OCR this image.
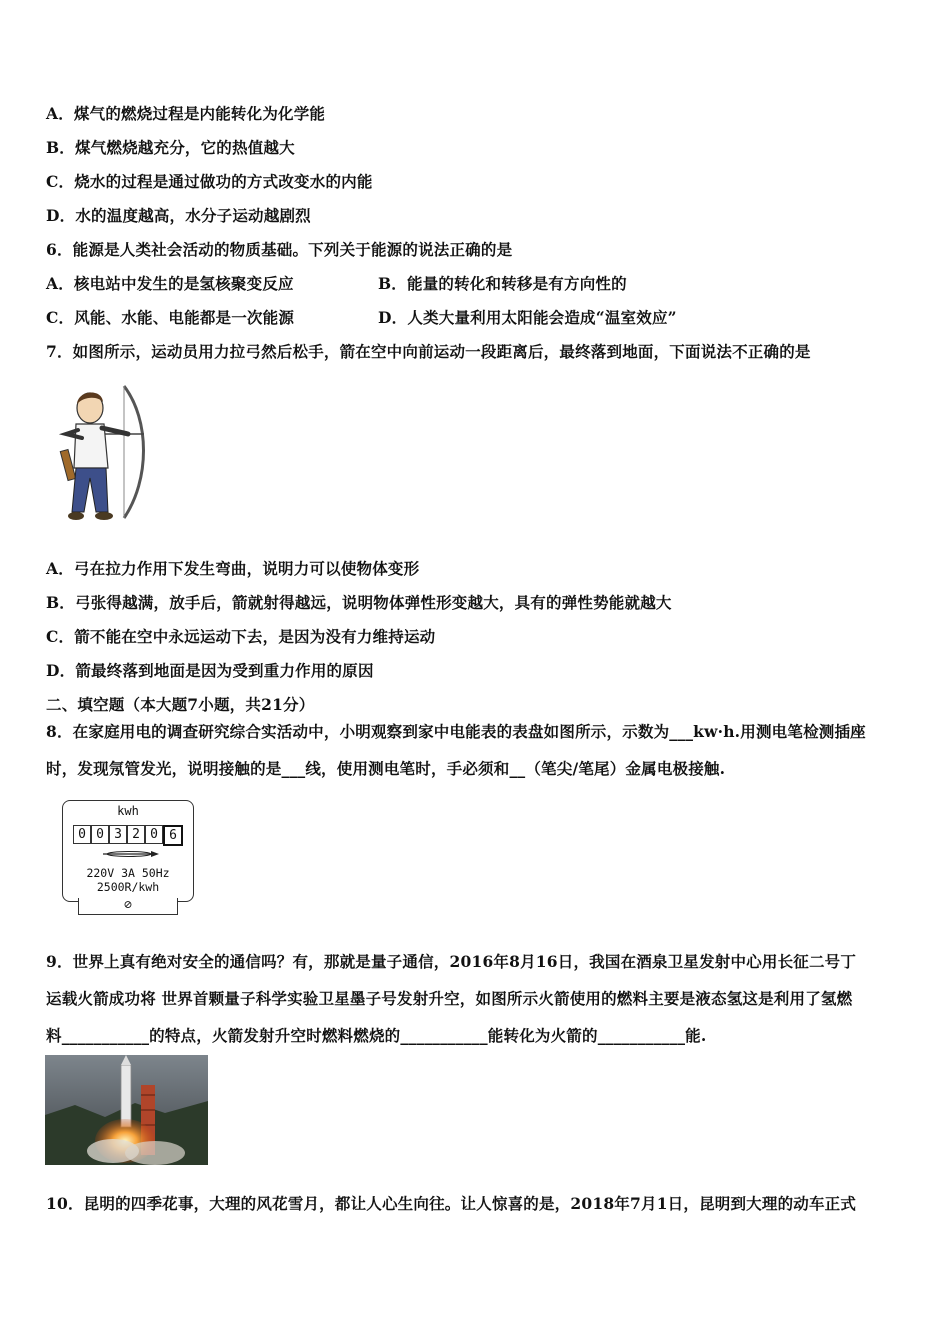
A．煤气的燃烧过程是内能转化为化学能
B．煤气燃烧越充分，它的热值越大
C．烧水的过程是通过做功的方式改变水的内能
D．水的温度越高，水分子运动越剧烈
6．能源是人类社会活动的物质基础。下列关于能源的说法正确的是
A．核电站中发生的是氢核聚变反应	B．能量的转化和转移是有方向性的
C．风能、水能、电能都是一次能源	D．人类大量利用太阳能会造成“温室效应”
7．如图所示，运动员用力拉弓然后松手，箭在空中向前运动一段距离后，最终落到地面，下面说法不正确的是
A．弓在拉力作用下发生弯曲，说明力可以使物体变形
B．弓张得越满，放手后，箭就射得越远，说明物体弹性形变越大，具有的弹性势能就越大
C．箭不能在空中永远运动下去，是因为没有力维持运动
D．箭最终落到地面是因为受到重力作用的原因
二、填空题（本大题7小题，共21分）
8．在家庭用电的调查研究综合实活动中，小明观察到家中电能表的表盘如图所示，示数为___kw·h.用测电笔检测插座
时，发现氖管发光，说明接触的是___线，使用测电笔时，手必须和__（笔尖/笔尾）金属电极接触.
kwh
0 0 3 2 0 6
220V 3A 50Hz
2500R/kwh
⊘
9．世界上真有绝对安全的通信吗？有，那就是量子通信，2016年8月16日，我国在酒泉卫星发射中心用长征二号丁
运载火箭成功将 世界首颗量子科学实验卫星墨子号发射升空，如图所示火箭使用的燃料主要是液态氢这是利用了氢燃
料___________的特点，火箭发射升空时燃料燃烧的___________能转化为火箭的___________能.
10．昆明的四季花事，大理的风花雪月，都让人心生向往。让人惊喜的是，2018年7月1日，昆明到大理的动车正式
